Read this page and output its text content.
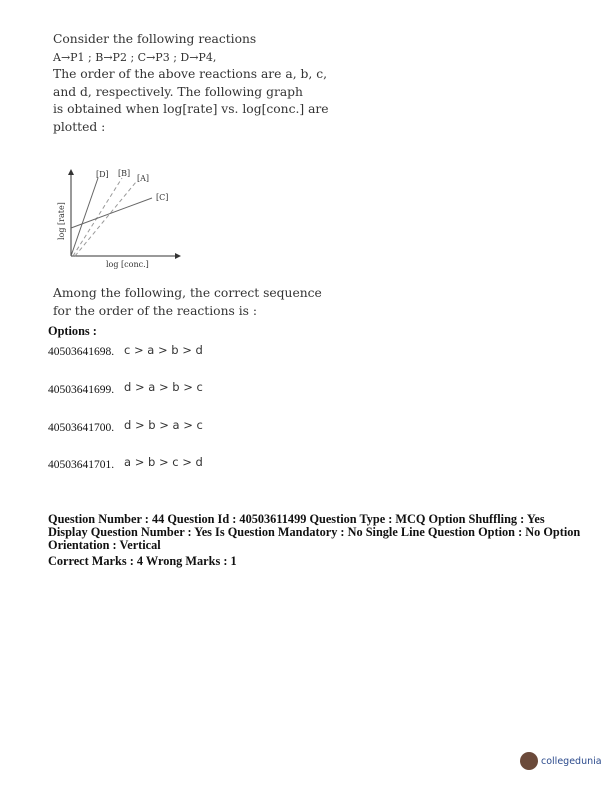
Consider the following reactions
A→P1 ; B→P2 ; C→P3 ; D→P4,
The order of the above reactions are a, b, c,
and d, respectively. The following graph
is obtained when log[rate] vs. log[conc.] are
plotted :
[D] [B]
[A]
[C]
log [rate]
log [conc.]
Among the following, the correct sequence
for the order of the reactions is :
Options :
40503641698. c > a > b > d
40503641699. d > a > b > c
40503641700. d > b > a > c
40503641701. a > b > c > d
Question Number : 44 Question Id : 40503611499 Question Type : MCQ Option Shuffling : Yes
Display Question Number : Yes Is Question Mandatory : No Single Line Question Option : No Option
Orientation : Vertical
Correct Marks : 4 Wrong Marks : 1
collegedunia
